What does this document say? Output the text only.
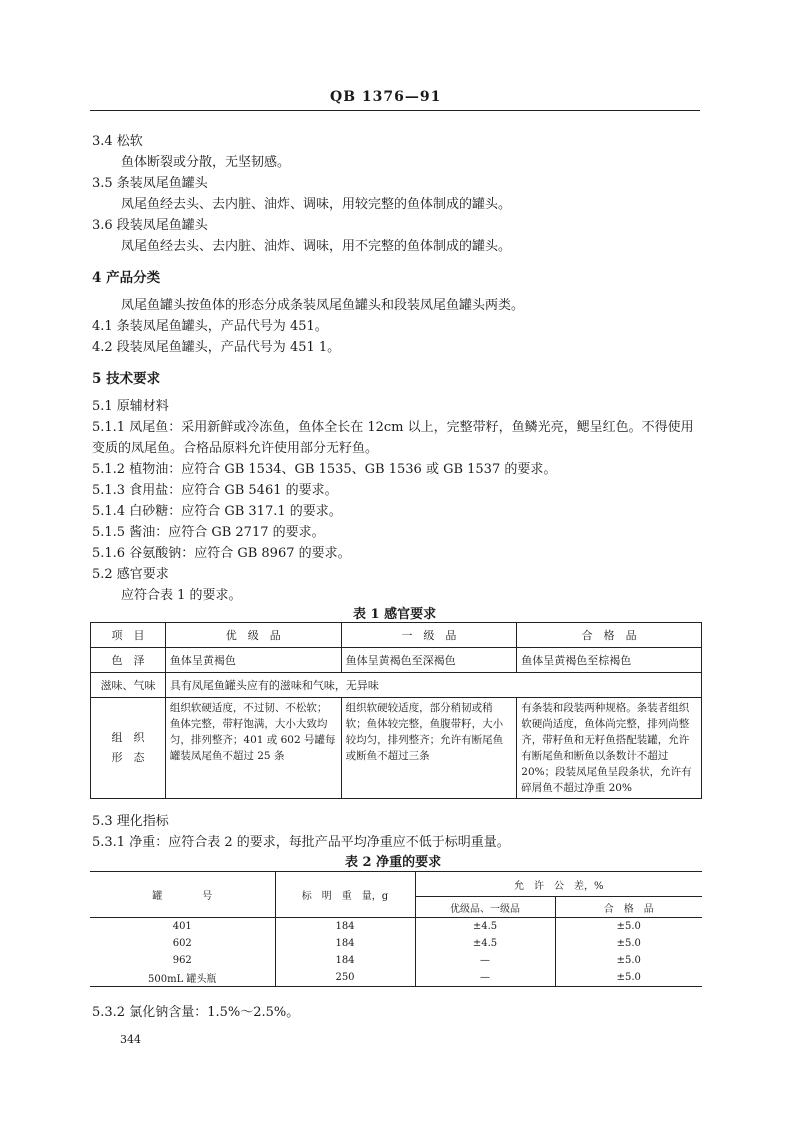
QB 1376—91
3.4 松软
鱼体断裂或分散，无坚韧感。
3.5 条装凤尾鱼罐头
凤尾鱼经去头、去内脏、油炸、调味，用较完整的鱼体制成的罐头。
3.6 段装凤尾鱼罐头
凤尾鱼经去头、去内脏、油炸、调味，用不完整的鱼体制成的罐头。
4 产品分类
凤尾鱼罐头按鱼体的形态分成条装凤尾鱼罐头和段装凤尾鱼罐头两类。
4.1 条装凤尾鱼罐头，产品代号为 451。
4.2 段装凤尾鱼罐头，产品代号为 451 1。
5 技术要求
5.1 原辅材料
5.1.1 凤尾鱼：采用新鲜或冷冻鱼，鱼体全长在 12cm 以上，完整带籽，鱼鳞光亮，鳃呈红色。不得使用
变质的凤尾鱼。合格品原料允许使用部分无籽鱼。
5.1.2 植物油：应符合 GB 1534、GB 1535、GB 1536 或 GB 1537 的要求。
5.1.3 食用盐：应符合 GB 5461 的要求。
5.1.4 白砂糖：应符合 GB 317.1 的要求。
5.1.5 酱油：应符合 GB 2717 的要求。
5.1.6 谷氨酸钠：应符合 GB 8967 的要求。
5.2 感官要求
应符合表 1 的要求。
表 1 感官要求
项　目	优　级　品	一　级　品	合　格　品
色　泽	鱼体呈黄褐色	鱼体呈黄褐色至深褐色	鱼体呈黄褐色至棕褐色
滋味、气味	具有凤尾鱼罐头应有的滋味和气味，无异味		
组　织
形　态	组织软硬适度，不过韧、不松软；鱼体完整，带籽饱满，大小大致均匀，排列整齐；401 或 602 号罐每罐装凤尾鱼不超过 25 条	组织软硬较适度，部分稍韧或稍软；鱼体较完整，鱼腹带籽，大小较均匀，排列整齐；允许有断尾鱼或断鱼不超过三条	有条装和段装两种规格。条装者组织软硬尚适度，鱼体尚完整，排列尚整齐，带籽鱼和无籽鱼搭配装罐，允许有断尾鱼和断鱼以条数计不超过 20%；段装凤尾鱼呈段条状，允许有碎屑鱼不超过净重 20%
5.3 理化指标
5.3.1 净重：应符合表 2 的要求，每批产品平均净重应不低于标明重量。
表 2 净重的要求
罐　　　　号	标　明　重　量，g	允　许　公　差，%	
		优级品、一级品	合　格　品
401	184	±4.5	±5.0
602	184	±4.5	±5.0
962	184	—	±5.0
500mL 罐头瓶	250	—	±5.0
5.3.2 氯化钠含量：1.5%～2.5%。
344
